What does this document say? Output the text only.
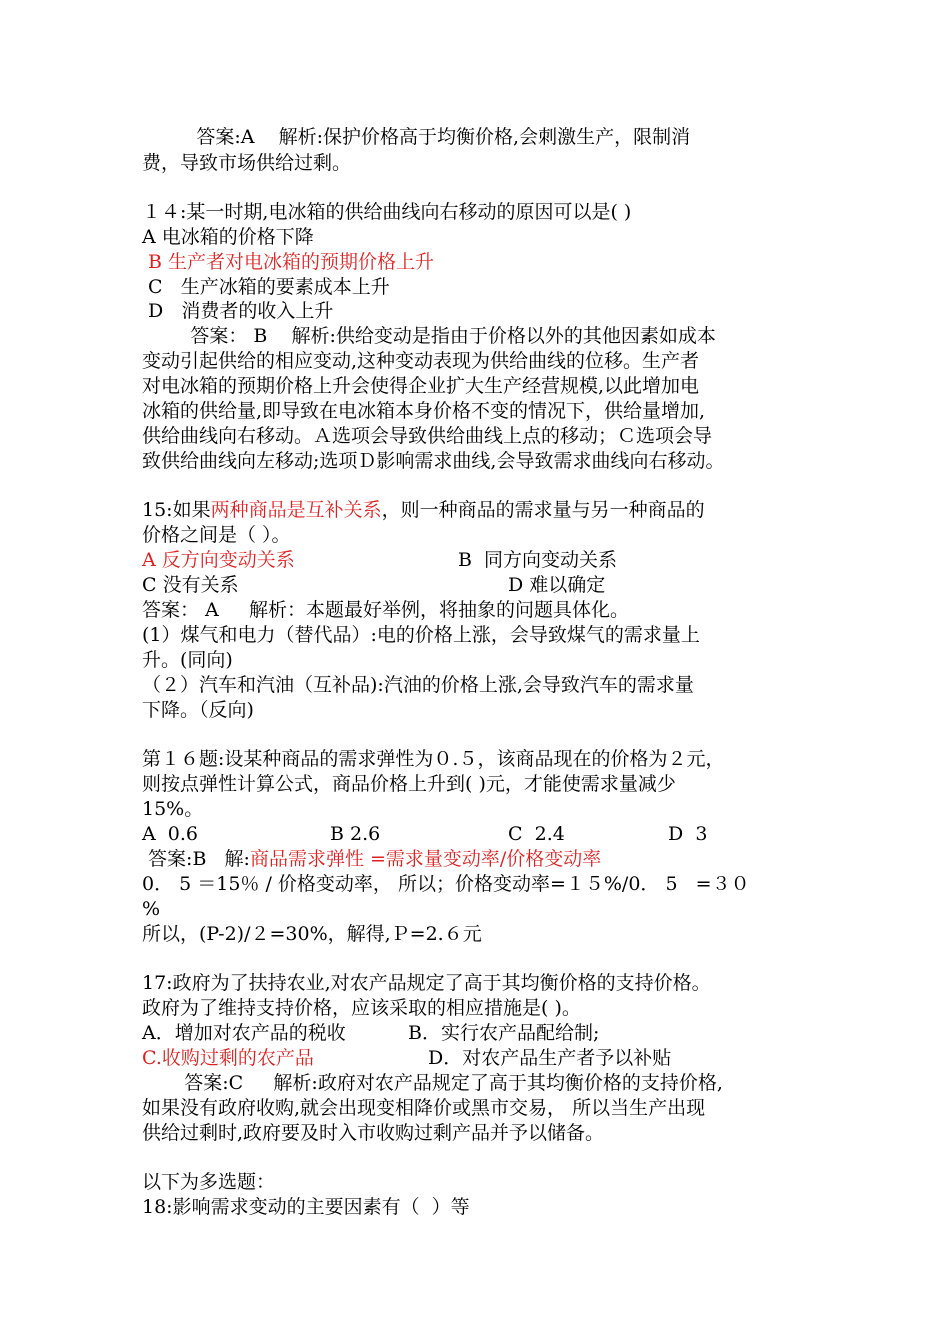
答案:A    解析:保护价格高于均衡价格,会刺激生产，限制消
费，导致市场供给过剩。
１４:某一时期,电冰箱的供给曲线向右移动的原因可以是( )
A 电冰箱的价格下降
B 生产者对电冰箱的预期价格上升
C   生产冰箱的要素成本上升
D   消费者的收入上升
答案： B    解析:供给变动是指由于价格以外的其他因素如成本
变动引起供给的相应变动,这种变动表现为供给曲线的位移。生产者
对电冰箱的预期价格上升会使得企业扩大生产经营规模,以此增加电
冰箱的供给量,即导致在电冰箱本身价格不变的情况下，供给量增加,
供给曲线向右移动。Ａ选项会导致供给曲线上点的移动；Ｃ选项会导
致供给曲线向左移动;选项Ｄ影响需求曲线,会导致需求曲线向右移动。
15:如果两种商品是互补关系，则一种商品的需求量与另一种商品的
价格之间是（ ）。
A 反方向变动关系	B  同方向变动关系
C 没有关系	D 难以确定
答案： A     解析：本题最好举例，将抽象的问题具体化。
(1）煤气和电力（替代品）:电的价格上涨，会导致煤气的需求量上
升。(同向)
（２）汽车和汽油（互补品):汽油的价格上涨,会导致汽车的需求量
下降。（反向)
第１６题:设某种商品的需求弹性为０.５，该商品现在的价格为２元，
则按点弹性计算公式，商品价格上升到( )元，才能使需求量减少
15%。
A  0.6	B 2.6	C  2.4	D  3
答案:B   解:商品需求弹性 =需求量变动率/价格变动率
0． 5 ＝15％ / 价格变动率， 所以；价格变动率=１５%/0． 5   =３０
%
所以，(P-2)/２=30%，解得,Ｐ=2.６元
17:政府为了扶持农业,对农产品规定了高于其均衡价格的支持价格。
政府为了维持支持价格，应该采取的相应措施是( )。
A．增加对农产品的税收	B．实行农产品配给制;
C.收购过剩的农产品	D．对农产品生产者予以补贴
答案:C     解析:政府对农产品规定了高于其均衡价格的支持价格,
如果没有政府收购,就会出现变相降价或黑市交易， 所以当生产出现
供给过剩时,政府要及时入市收购过剩产品并予以储备。
以下为多选题：
18:影响需求变动的主要因素有（  ）等
